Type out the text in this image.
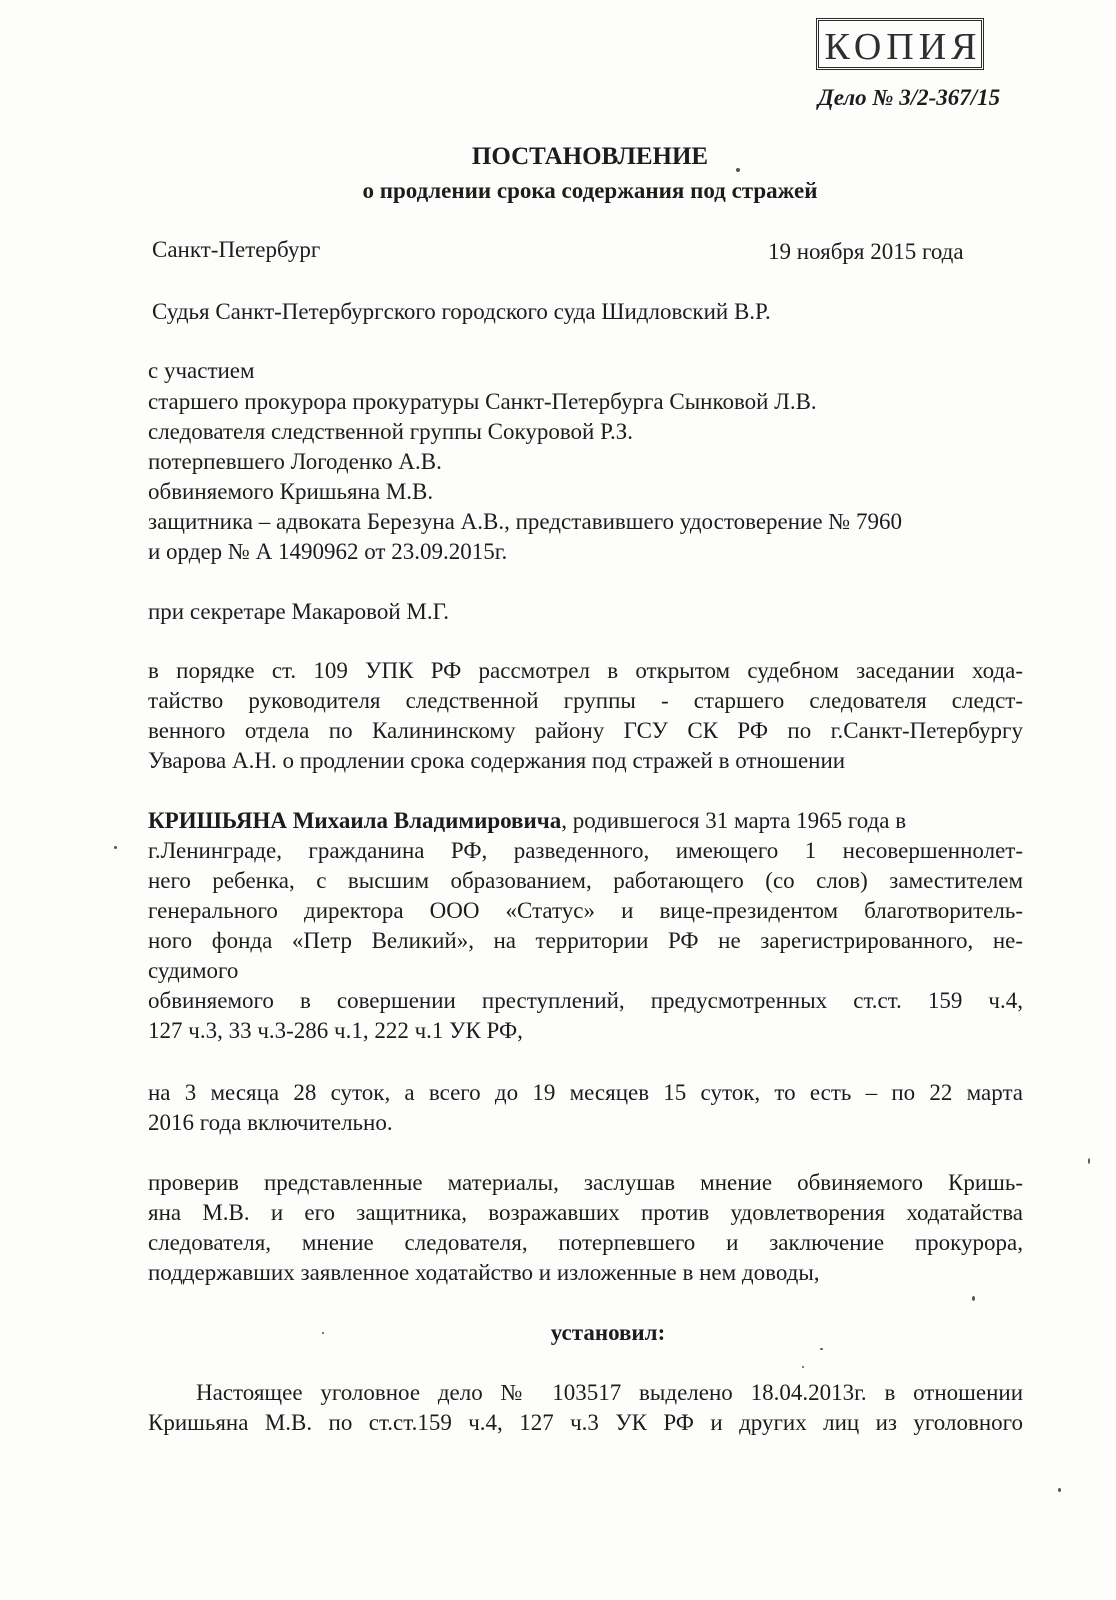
КОПИЯ
Дело № 3/2-367/15
ПОСТАНОВЛЕНИЕ
о продлении срока содержания под стражей
Санкт-Петербург	19 ноября 2015 года
Судья Санкт-Петербургского городского суда Шидловский В.Р.
с участием
старшего прокурора прокуратуры Санкт-Петербурга Сынковой Л.В.
следователя следственной группы Сокуровой Р.З.
потерпевшего Логоденко А.В.
обвиняемого Кришьяна М.В.
защитника – адвоката Березуна А.В., представившего удостоверение № 7960
и ордер № А 1490962 от 23.09.2015г.
при секретаре Макаровой М.Г.
в порядке ст. 109 УПК РФ рассмотрел в открытом судебном заседании хода-
тайство руководителя следственной группы - старшего следователя следст-
венного отдела по Калининскому району ГСУ СК РФ по г.Санкт-Петербургу
Уварова А.Н. о продлении срока содержания под стражей в отношении
КРИШЬЯНА Михаила Владимировича, родившегося 31 марта 1965 года в
г.Ленинграде, гражданина РФ, разведенного, имеющего 1 несовершеннолет-
него ребенка, с высшим образованием, работающего (со слов) заместителем
генерального директора ООО «Статус» и вице-президентом благотворитель-
ного фонда «Петр Великий», на территории РФ не зарегистрированного, не-
судимого
обвиняемого в совершении преступлений, предусмотренных ст.ст. 159 ч.4,
127 ч.3, 33 ч.3-286 ч.1, 222 ч.1 УК РФ,
на 3 месяца 28 суток, а всего до 19 месяцев 15 суток, то есть – по 22 марта
2016 года включительно.
проверив представленные материалы, заслушав мнение обвиняемого Кришь-
яна М.В. и его защитника, возражавших против удовлетворения ходатайства
следователя, мнение следователя, потерпевшего и заключение прокурора,
поддержавших заявленное ходатайство и изложенные в нем доводы,
установил:
Настоящее уголовное дело № 103517 выделено 18.04.2013г. в отношении
Кришьяна М.В. по ст.ст.159 ч.4, 127 ч.3 УК РФ и других лиц из уголовного
